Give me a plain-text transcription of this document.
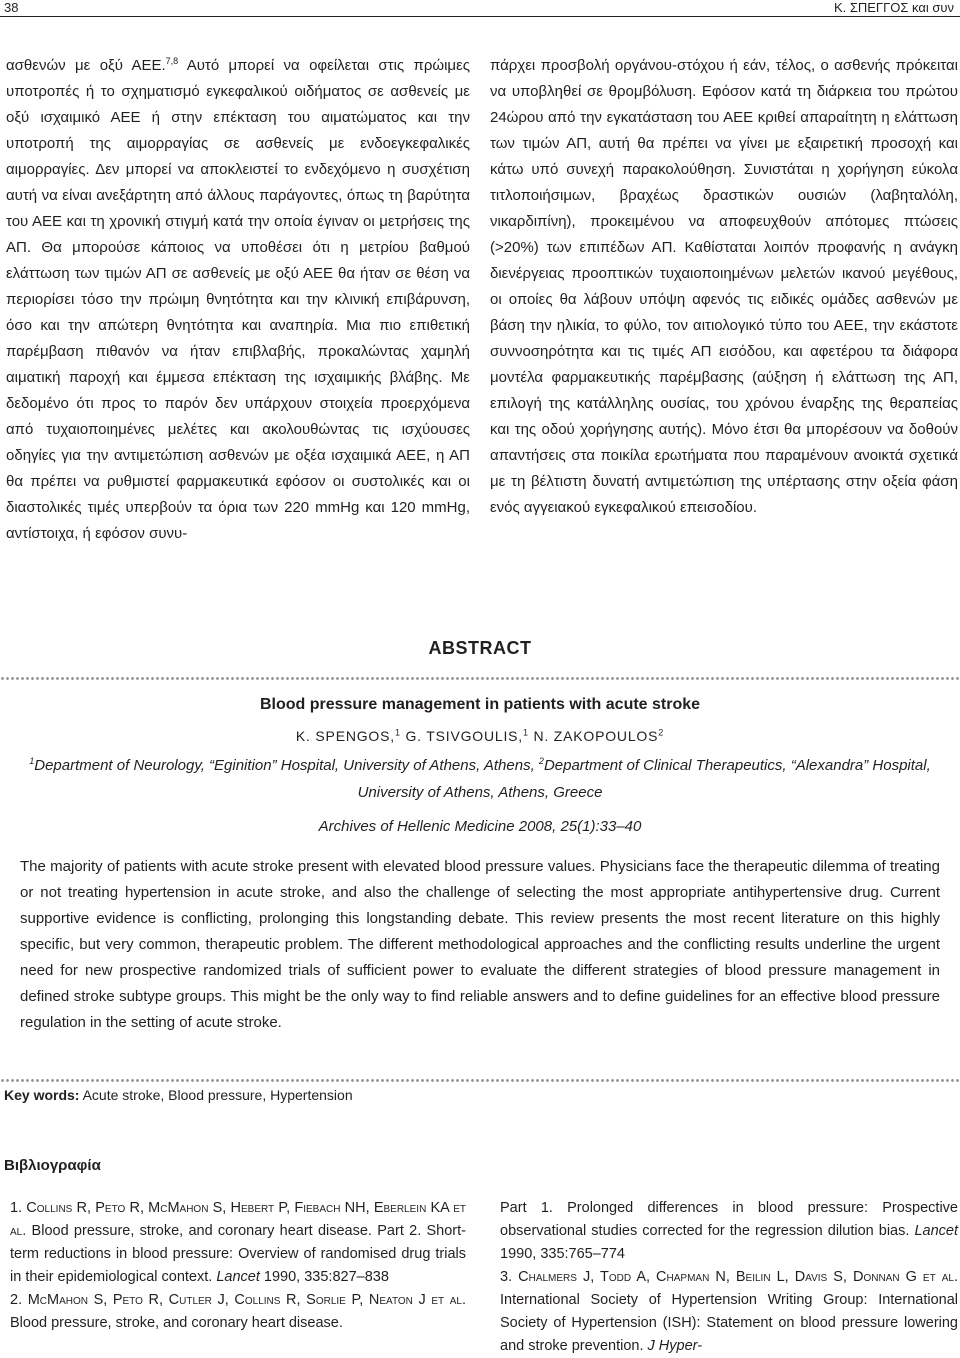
38	Κ. ΣΠΕΓΓΟΣ και συν

ασθενών με οξύ ΑΕΕ.$^{7,8}$ Αυτό μπορεί να οφείλεται στις πρώιμες υποτροπές ή το σχηματισμό εγκεφαλικού οιδήματος σε ασθενείς με οξύ ισχαιμικό ΑΕΕ ή στην επέκταση του αιματώματος και την υποτροπή της αιμορραγίας σε ασθενείς με ενδοεγκεφαλικές αιμορραγίες. Δεν μπορεί να αποκλειστεί το ενδεχόμενο η συσχέτιση αυτή να είναι ανεξάρτητη από άλλους παράγοντες, όπως τη βαρύτητα του ΑΕΕ και τη χρονική στιγμή κατά την οποία έγιναν οι μετρήσεις της ΑΠ. Θα μπορούσε κάποιος να υποθέσει ότι η μετρίου βαθμού ελάττωση των τιμών ΑΠ σε ασθενείς με οξύ ΑΕΕ θα ήταν σε θέση να περιορίσει τόσο την πρώιμη θνητότητα και την κλινική επιβάρυνση, όσο και την απώτερη θνητότητα και αναπηρία. Μια πιο επιθετική παρέμβαση πιθανόν να ήταν επιβλαβής, προκαλώντας χαμηλή αιματική παροχή και έμμεσα επέκταση της ισχαιμικής βλάβης. Με δεδομένο ότι προς το παρόν δεν υπάρχουν στοιχεία προερχόμενα από τυχαιοποιημένες μελέτες και ακολουθώντας τις ισχύουσες οδηγίες για την αντιμετώπιση ασθενών με οξέα ισχαιμικά ΑΕΕ, η ΑΠ θα πρέπει να ρυθμιστεί φαρμακευτικά εφόσον οι συστολικές και οι διαστολικές τιμές υπερβούν τα όρια των 220 mmHg και 120 mmHg, αντίστοιχα, ή εφόσον συνυ-

πάρχει προσβολή οργάνου-στόχου ή εάν, τέλος, ο ασθενής πρόκειται να υποβληθεί σε θρομβόλυση. Εφόσον κατά τη διάρκεια του πρώτου 24ώρου από την εγκατάσταση του ΑΕΕ κριθεί απαραίτητη η ελάττωση των τιμών ΑΠ, αυτή θα πρέπει να γίνει με εξαιρετική προσοχή και κάτω υπό συνεχή παρακολούθηση. Συνιστάται η χορήγηση εύκολα τιτλοποιήσιμων, βραχέως δραστικών ουσιών (λαβηταλόλη, νικαρδιπίνη), προκειμένου να αποφευχθούν απότομες πτώσεις (>20%) των επιπέδων ΑΠ. Καθίσταται λοιπόν προφανής η ανάγκη διενέργειας προοπτικών τυχαιοποιημένων μελετών ικανού μεγέθους, οι οποίες θα λάβουν υπόψη αφενός τις ειδικές ομάδες ασθενών με βάση την ηλικία, το φύλο, τον αιτιολογικό τύπο του ΑΕΕ, την εκάστοτε συννοσηρότητα και τις τιμές ΑΠ εισόδου, και αφετέρου τα διάφορα μοντέλα φαρμακευτικής παρέμβασης (αύξηση ή ελάττωση της ΑΠ, επιλογή της κατάλληλης ουσίας, του χρόνου έναρξης της θεραπείας και της οδού χορήγησης αυτής). Μόνο έτσι θα μπορέσουν να δοθούν απαντήσεις στα ποικίλα ερωτήματα που παραμένουν ανοικτά σχετικά με τη βέλτιστη δυνατή αντιμετώπιση της υπέρτασης στην οξεία φάση ενός αγγειακού εγκεφαλικού επεισοδίου.

ABSTRACT
Blood pressure management in patients with acute stroke
K. SPENGOS,$^1$ G. TSIVGOULIS,$^1$ N. ZAKOPOULOS$^2$
$^1$Department of Neurology, “Eginition” Hospital, University of Athens, Athens, $^2$Department of Clinical Therapeutics, “Alexandra” Hospital, University of Athens, Athens, Greece
Archives of Hellenic Medicine 2008, 25(1):33–40

The majority of patients with acute stroke present with elevated blood pressure values. Physicians face the therapeutic dilemma of treating or not treating hypertension in acute stroke, and also the challenge of selecting the most appropriate antihypertensive drug. Current supportive evidence is conflicting, prolonging this longstanding debate. This review presents the most recent literature on this highly specific, but very common, therapeutic problem. The different methodological approaches and the conflicting results underline the urgent need for new prospective randomized trials of sufficient power to evaluate the different strategies of blood pressure management in defined stroke subtype groups. This might be the only way to find reliable answers and to define guidelines for an effective blood pressure regulation in the setting of acute stroke.

Key words: Acute stroke, Blood pressure, Hypertension
Βιβλιογραφία

1. Collins R, Peto R, McMahon S, Hebert P, Fiebach NH, Eberlein KA et al. Blood pressure, stroke, and coronary heart disease. Part 2. Short-term reductions in blood pressure: Overview of randomised drug trials in their epidemiological context. Lancet 1990, 335:827–838

2. McMahon S, Peto R, Cutler J, Collins R, Sorlie P, Neaton J et al. Blood pressure, stroke, and coronary heart disease.

Part 1. Prolonged differences in blood pressure: Prospective observational studies corrected for the regression dilution bias. Lancet 1990, 335:765–774

3. Chalmers J, Todd A, Chapman N, Beilin L, Davis S, Donnan G et al. International Society of Hypertension Writing Group: International Society of Hypertension (ISH): Statement on blood pressure lowering and stroke prevention. J Hyper-
